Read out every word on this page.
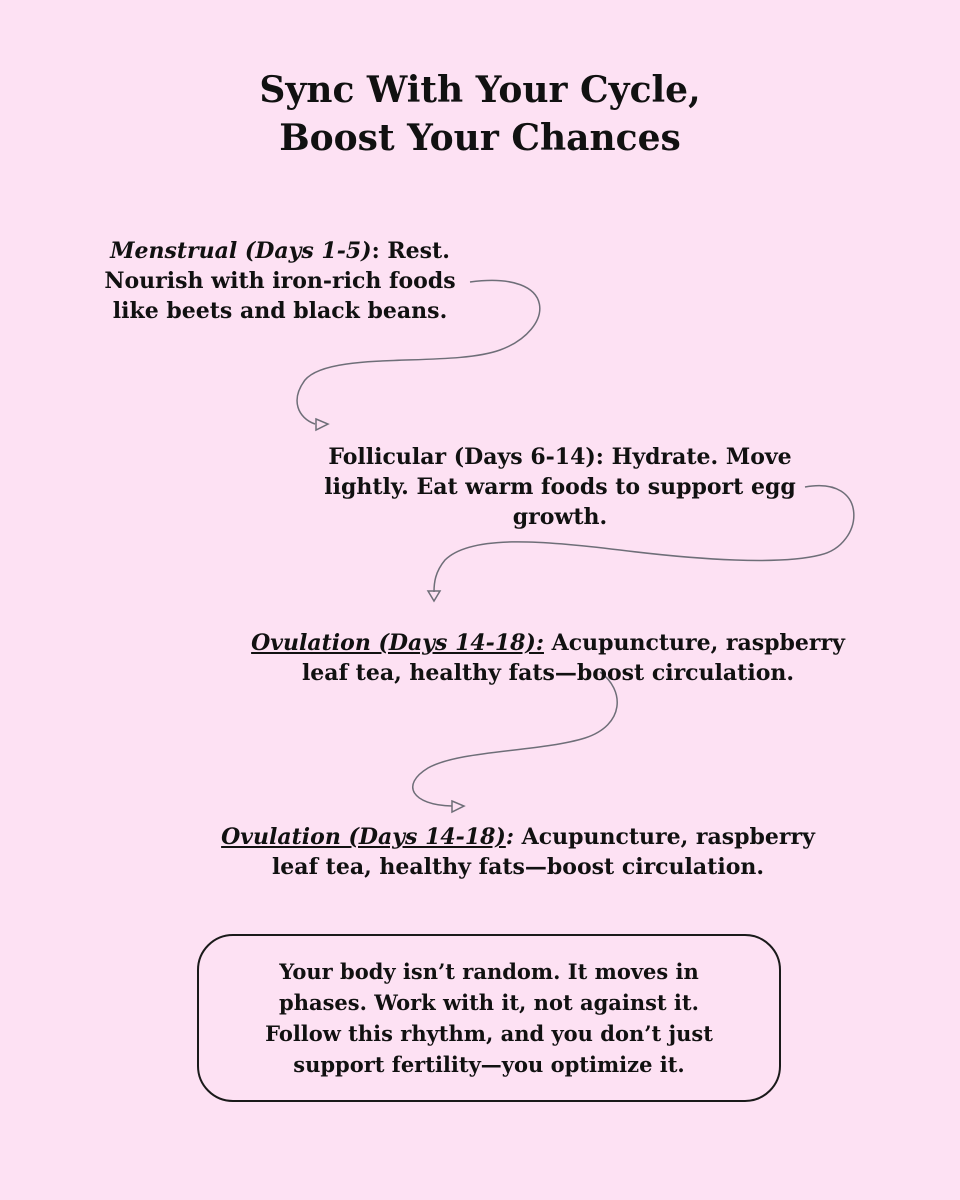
Sync With Your Cycle,
Boost Your Chances

Menstrual (Days 1-5): Rest. Nourish with iron-rich foods like beets and black beans.

Follicular (Days 6-14): Hydrate. Move lightly. Eat warm foods to support egg growth.

Ovulation (Days 14-18): Acupuncture, raspberry leaf tea, healthy fats—boost circulation.

Ovulation (Days 14-18): Acupuncture, raspberry leaf tea, healthy fats—boost circulation.

Your body isn’t random. It moves in phases. Work with it, not against it. Follow this rhythm, and you don’t just support fertility—you optimize it.
